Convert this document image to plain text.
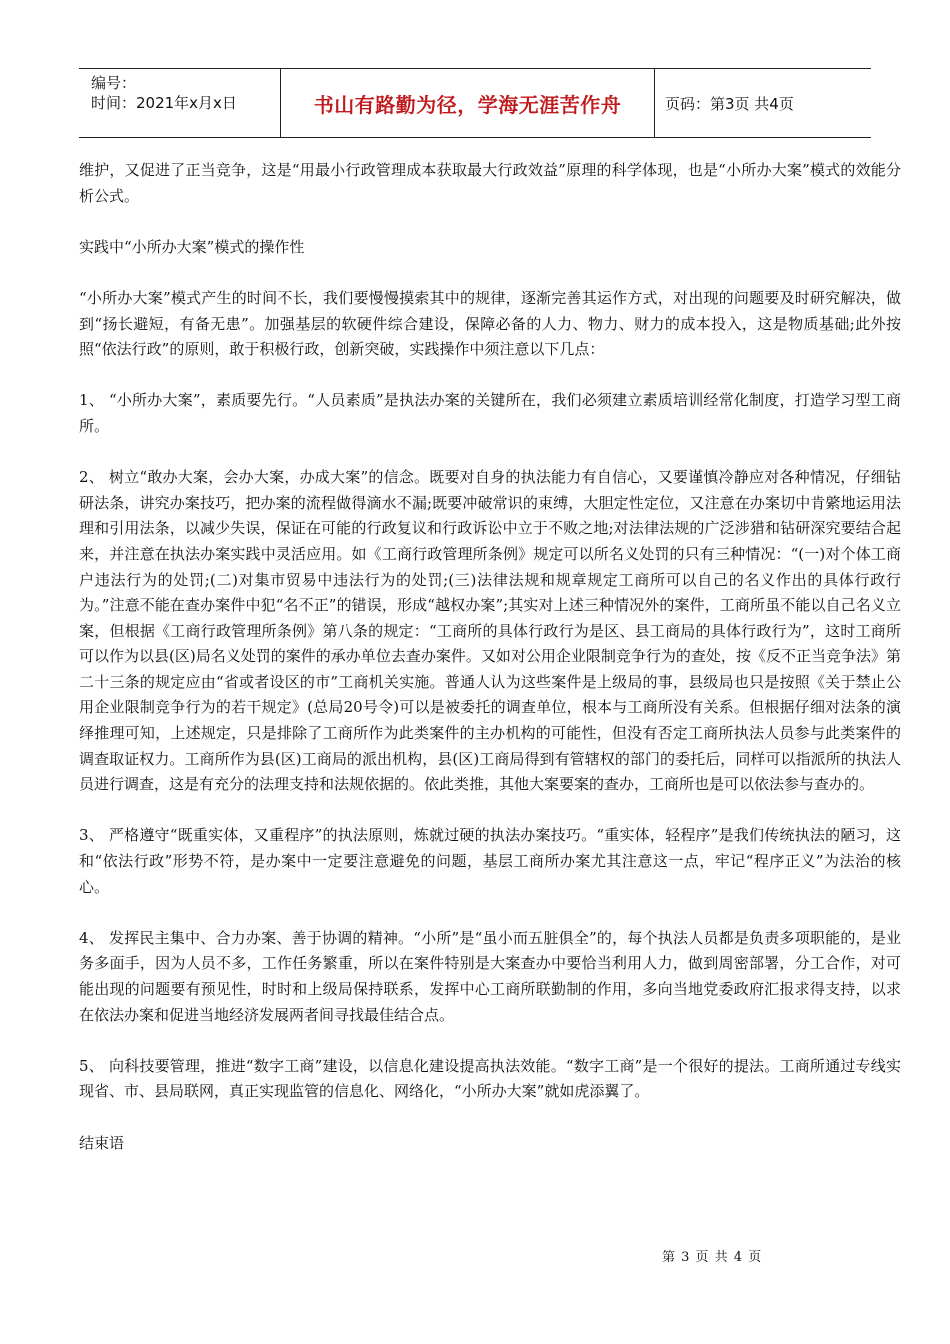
编号：
时间：2021年x月x日	书山有路勤为径，学海无涯苦作舟	页码：第3页 共4页

维护，又促进了正当竞争，这是“用最小行政管理成本获取最大行政效益”原理的科学体现，也是“小所办大案”模式的效能分析公式。

实践中“小所办大案”模式的操作性

“小所办大案”模式产生的时间不长，我们要慢慢摸索其中的规律，逐渐完善其运作方式，对出现的问题要及时研究解决，做到“扬长避短，有备无患”。加强基层的软硬件综合建设，保障必备的人力、物力、财力的成本投入，这是物质基础;此外按照“依法行政”的原则，敢于积极行政，创新突破，实践操作中须注意以下几点：

1、 “小所办大案”，素质要先行。“人员素质”是执法办案的关键所在，我们必须建立素质培训经常化制度，打造学习型工商所。

2、 树立“敢办大案，会办大案，办成大案”的信念。既要对自身的执法能力有自信心，又要谨慎冷静应对各种情况，仔细钻研法条，讲究办案技巧，把办案的流程做得滴水不漏;既要冲破常识的束缚，大胆定性定位，又注意在办案切中肯綮地运用法理和引用法条，以减少失误，保证在可能的行政复议和行政诉讼中立于不败之地;对法律法规的广泛涉猎和钻研深究要结合起来，并注意在执法办案实践中灵活应用。如《工商行政管理所条例》规定可以所名义处罚的只有三种情况：“(一)对个体工商户违法行为的处罚;(二)对集市贸易中违法行为的处罚;(三)法律法规和规章规定工商所可以自己的名义作出的具体行政行为。”注意不能在查办案件中犯“名不正”的错误，形成“越权办案”;其实对上述三种情况外的案件，工商所虽不能以自己名义立案，但根据《工商行政管理所条例》第八条的规定：“工商所的具体行政行为是区、县工商局的具体行政行为”，这时工商所可以作为以县(区)局名义处罚的案件的承办单位去查办案件。又如对公用企业限制竞争行为的查处，按《反不正当竞争法》第二十三条的规定应由“省或者设区的市”工商机关实施。普通人认为这些案件是上级局的事，县级局也只是按照《关于禁止公用企业限制竞争行为的若干规定》(总局20号令)可以是被委托的调查单位，根本与工商所没有关系。但根据仔细对法条的演绎推理可知，上述规定，只是排除了工商所作为此类案件的主办机构的可能性，但没有否定工商所执法人员参与此类案件的调查取证权力。工商所作为县(区)工商局的派出机构，县(区)工商局得到有管辖权的部门的委托后，同样可以指派所的执法人员进行调查，这是有充分的法理支持和法规依据的。依此类推，其他大案要案的查办，工商所也是可以依法参与查办的。

3、 严格遵守“既重实体，又重程序”的执法原则，炼就过硬的执法办案技巧。“重实体，轻程序”是我们传统执法的陋习，这和“依法行政”形势不符，是办案中一定要注意避免的问题，基层工商所办案尤其注意这一点，牢记“程序正义”为法治的核心。

4、 发挥民主集中、合力办案、善于协调的精神。“小所”是“虽小而五脏俱全”的，每个执法人员都是负责多项职能的，是业务多面手，因为人员不多，工作任务繁重，所以在案件特别是大案查办中要恰当利用人力，做到周密部署，分工合作，对可能出现的问题要有预见性，时时和上级局保持联系，发挥中心工商所联勤制的作用，多向当地党委政府汇报求得支持，以求在依法办案和促进当地经济发展两者间寻找最佳结合点。

5、 向科技要管理，推进“数字工商”建设，以信息化建设提高执法效能。“数字工商”是一个很好的提法。工商所通过专线实现省、市、县局联网，真正实现监管的信息化、网络化，“小所办大案”就如虎添翼了。

结束语

第 3 页 共 4 页
